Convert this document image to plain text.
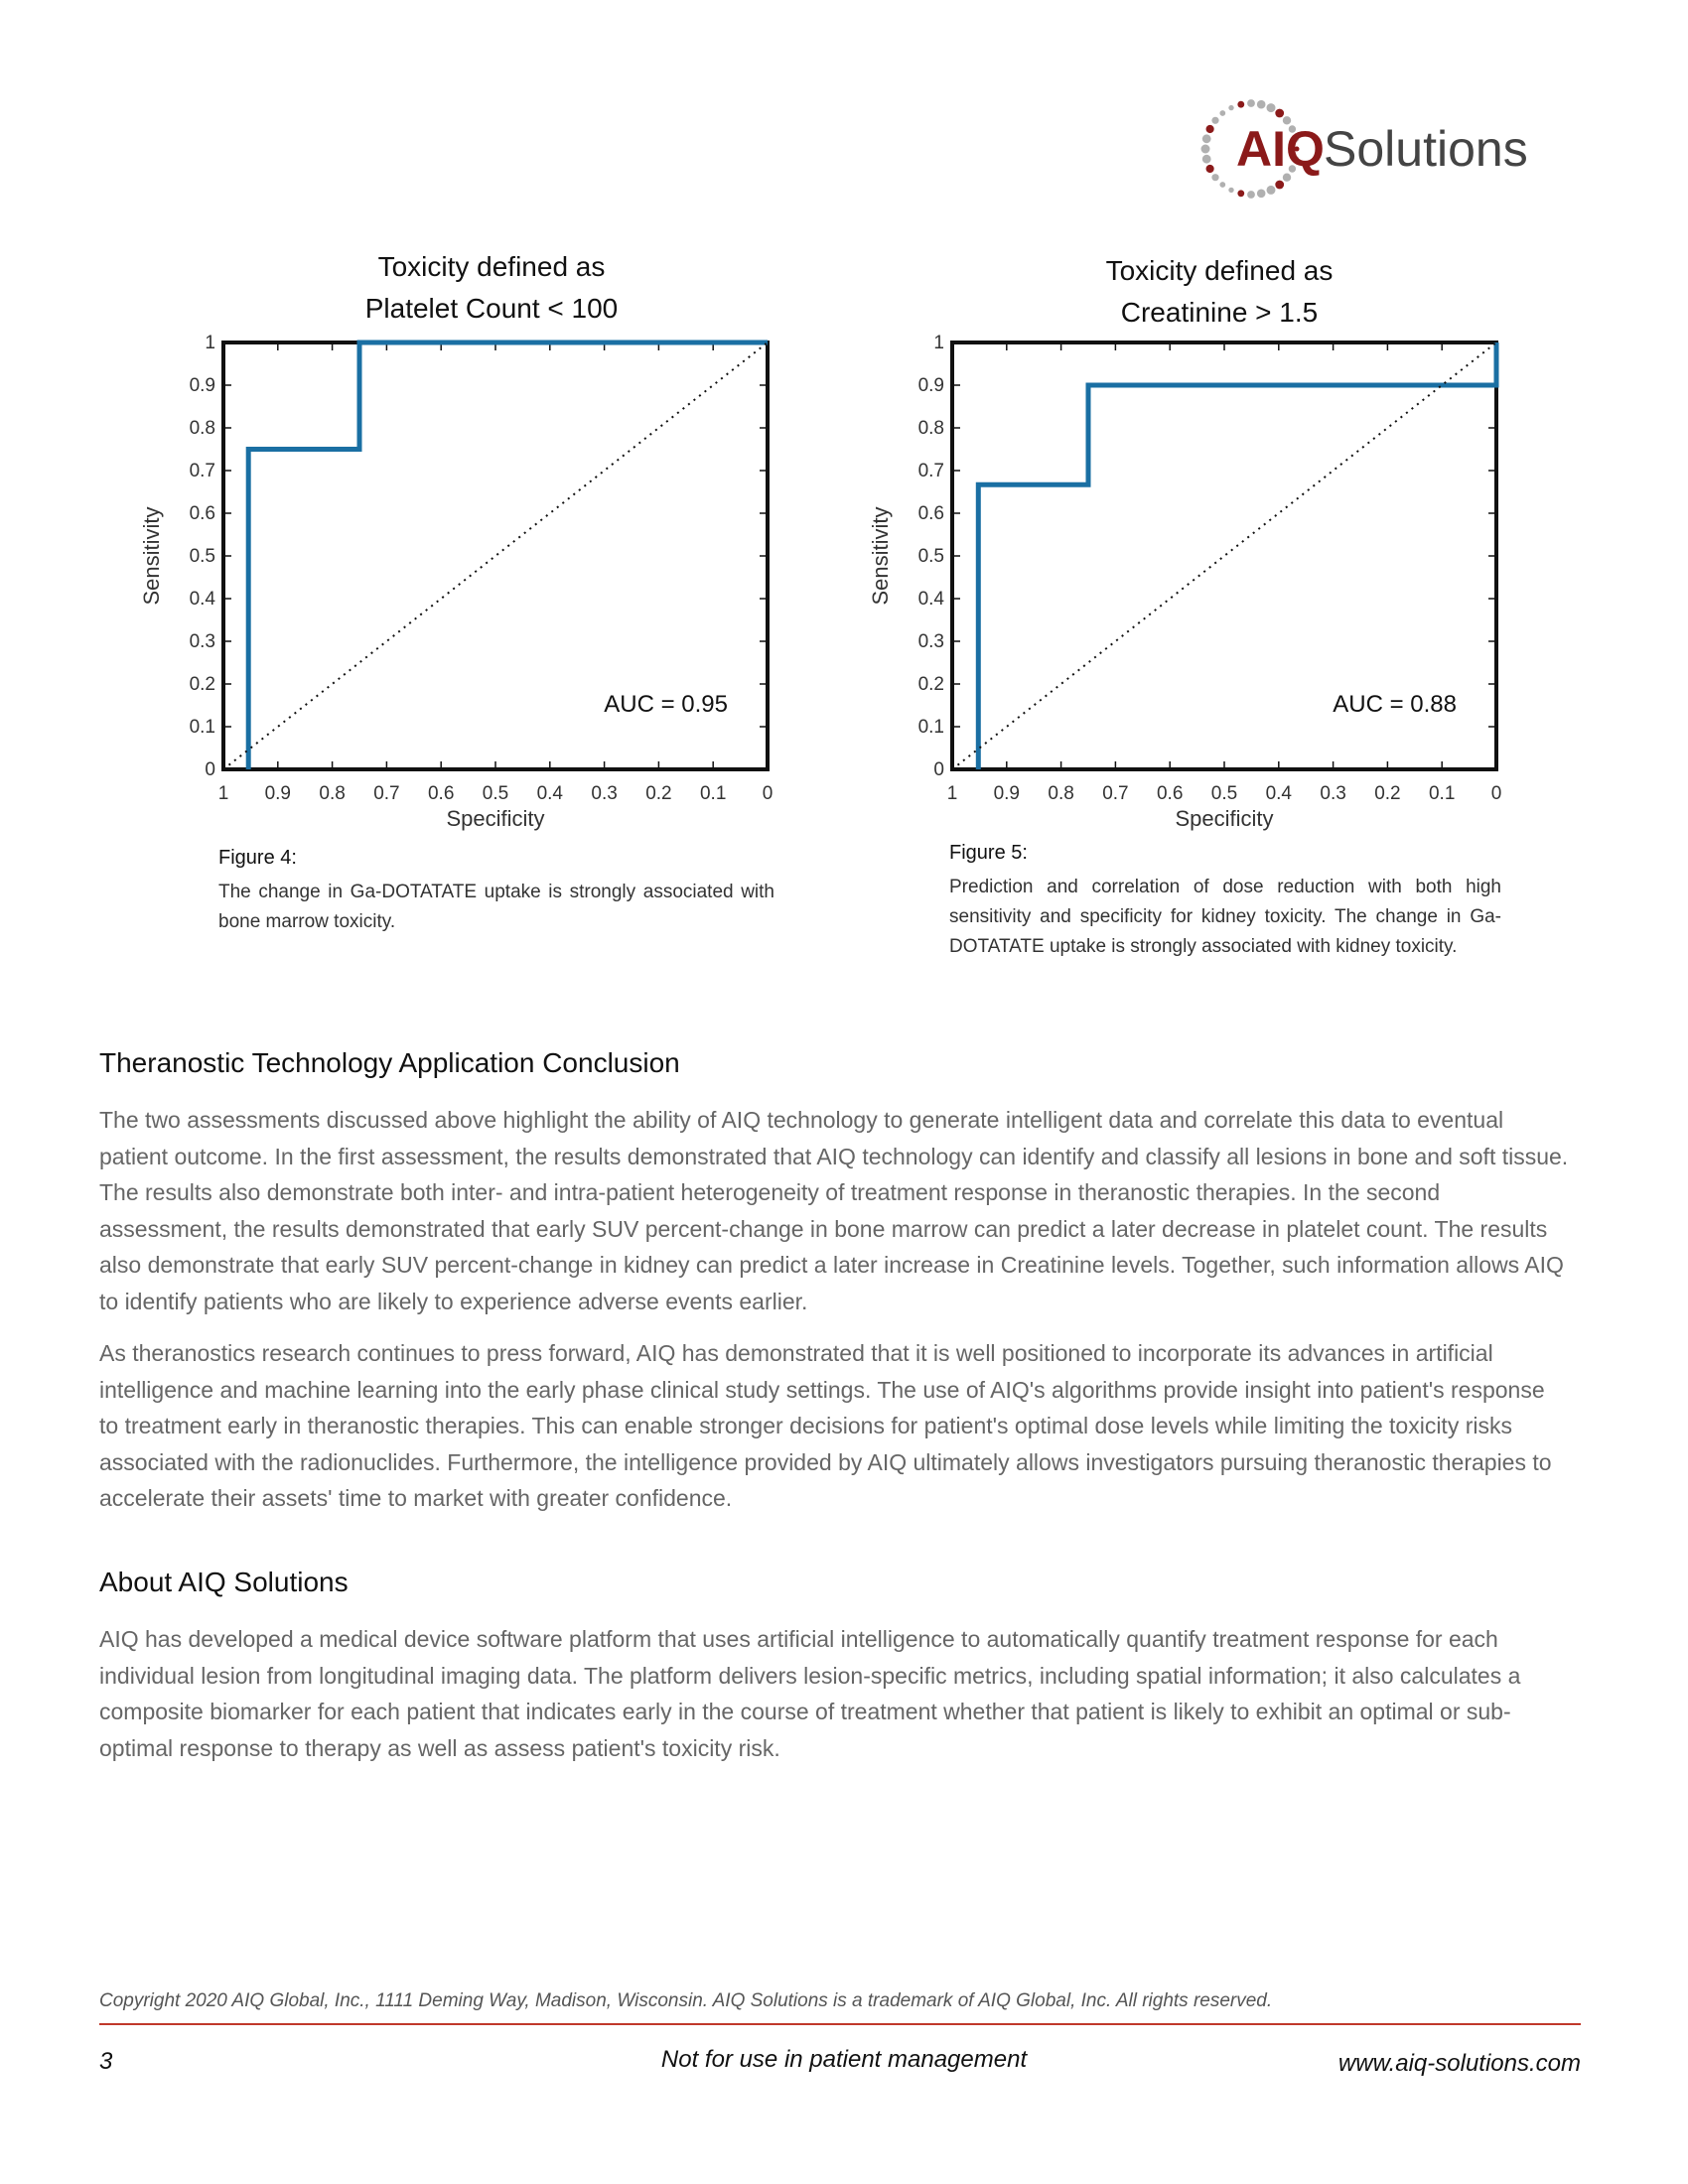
AIQ Solutions
Toxicity defined as
Platelet Count < 100
1 0.9 0.8 0.7 0.6 0.5 0.4 0.3 0.2 0.1 0
0
0.1
0.2
0.3
0.4
0.5
0.6
0.7
0.8
0.9
1
Specificity
Sensitivity
AUC = 0.95
Figure 4:
The change in Ga-DOTATATE uptake is strongly associated with bone marrow toxicity.
Toxicity defined as
Creatinine > 1.5
1 0.9 0.8 0.7 0.6 0.5 0.4 0.3 0.2 0.1 0
0
0.1
0.2
0.3
0.4
0.5
0.6
0.7
0.8
0.9
1
Specificity
Sensitivity
AUC = 0.88
Figure 5:
Prediction and correlation of dose reduction with both high sensitivity and specificity for kidney toxicity. The change in Ga-DOTATATE uptake is strongly associated with kidney toxicity.
Theranostic Technology Application Conclusion

The two assessments discussed above highlight the ability of AIQ technology to generate intelligent data and correlate this data to eventual patient outcome. In the first assessment, the results demonstrated that AIQ technology can identify and classify all lesions in bone and soft tissue. The results also demonstrate both inter- and intra-patient heterogeneity of treatment response in theranostic therapies. In the second assessment, the results demonstrated that early SUV percent-change in bone marrow can predict a later decrease in platelet count. The results also demonstrate that early SUV percent-change in kidney can predict a later increase in Creatinine levels. Together, such information allows AIQ to identify patients who are likely to experience adverse events earlier.

As theranostics research continues to press forward, AIQ has demonstrated that it is well positioned to incorporate its advances in artificial intelligence and machine learning into the early phase clinical study settings. The use of AIQ's algorithms provide insight into patient's response to treatment early in theranostic therapies. This can enable stronger decisions for patient's optimal dose levels while limiting the toxicity risks associated with the radionuclides. Furthermore, the intelligence provided by AIQ ultimately allows investigators pursuing theranostic therapies to accelerate their assets' time to market with greater confidence.

About AIQ Solutions

AIQ has developed a medical device software platform that uses artificial intelligence to automatically quantify treatment response for each individual lesion from longitudinal imaging data. The platform delivers lesion-specific metrics, including spatial information; it also calculates a composite biomarker for each patient that indicates early in the course of treatment whether that patient is likely to exhibit an optimal or sub-optimal response to therapy as well as assess patient's toxicity risk.

Copyright 2020 AIQ Global, Inc., 1111 Deming Way, Madison, Wisconsin. AIQ Solutions is a trademark of AIQ Global, Inc. All rights reserved.
3	Not for use in patient management	www.aiq-solutions.com
